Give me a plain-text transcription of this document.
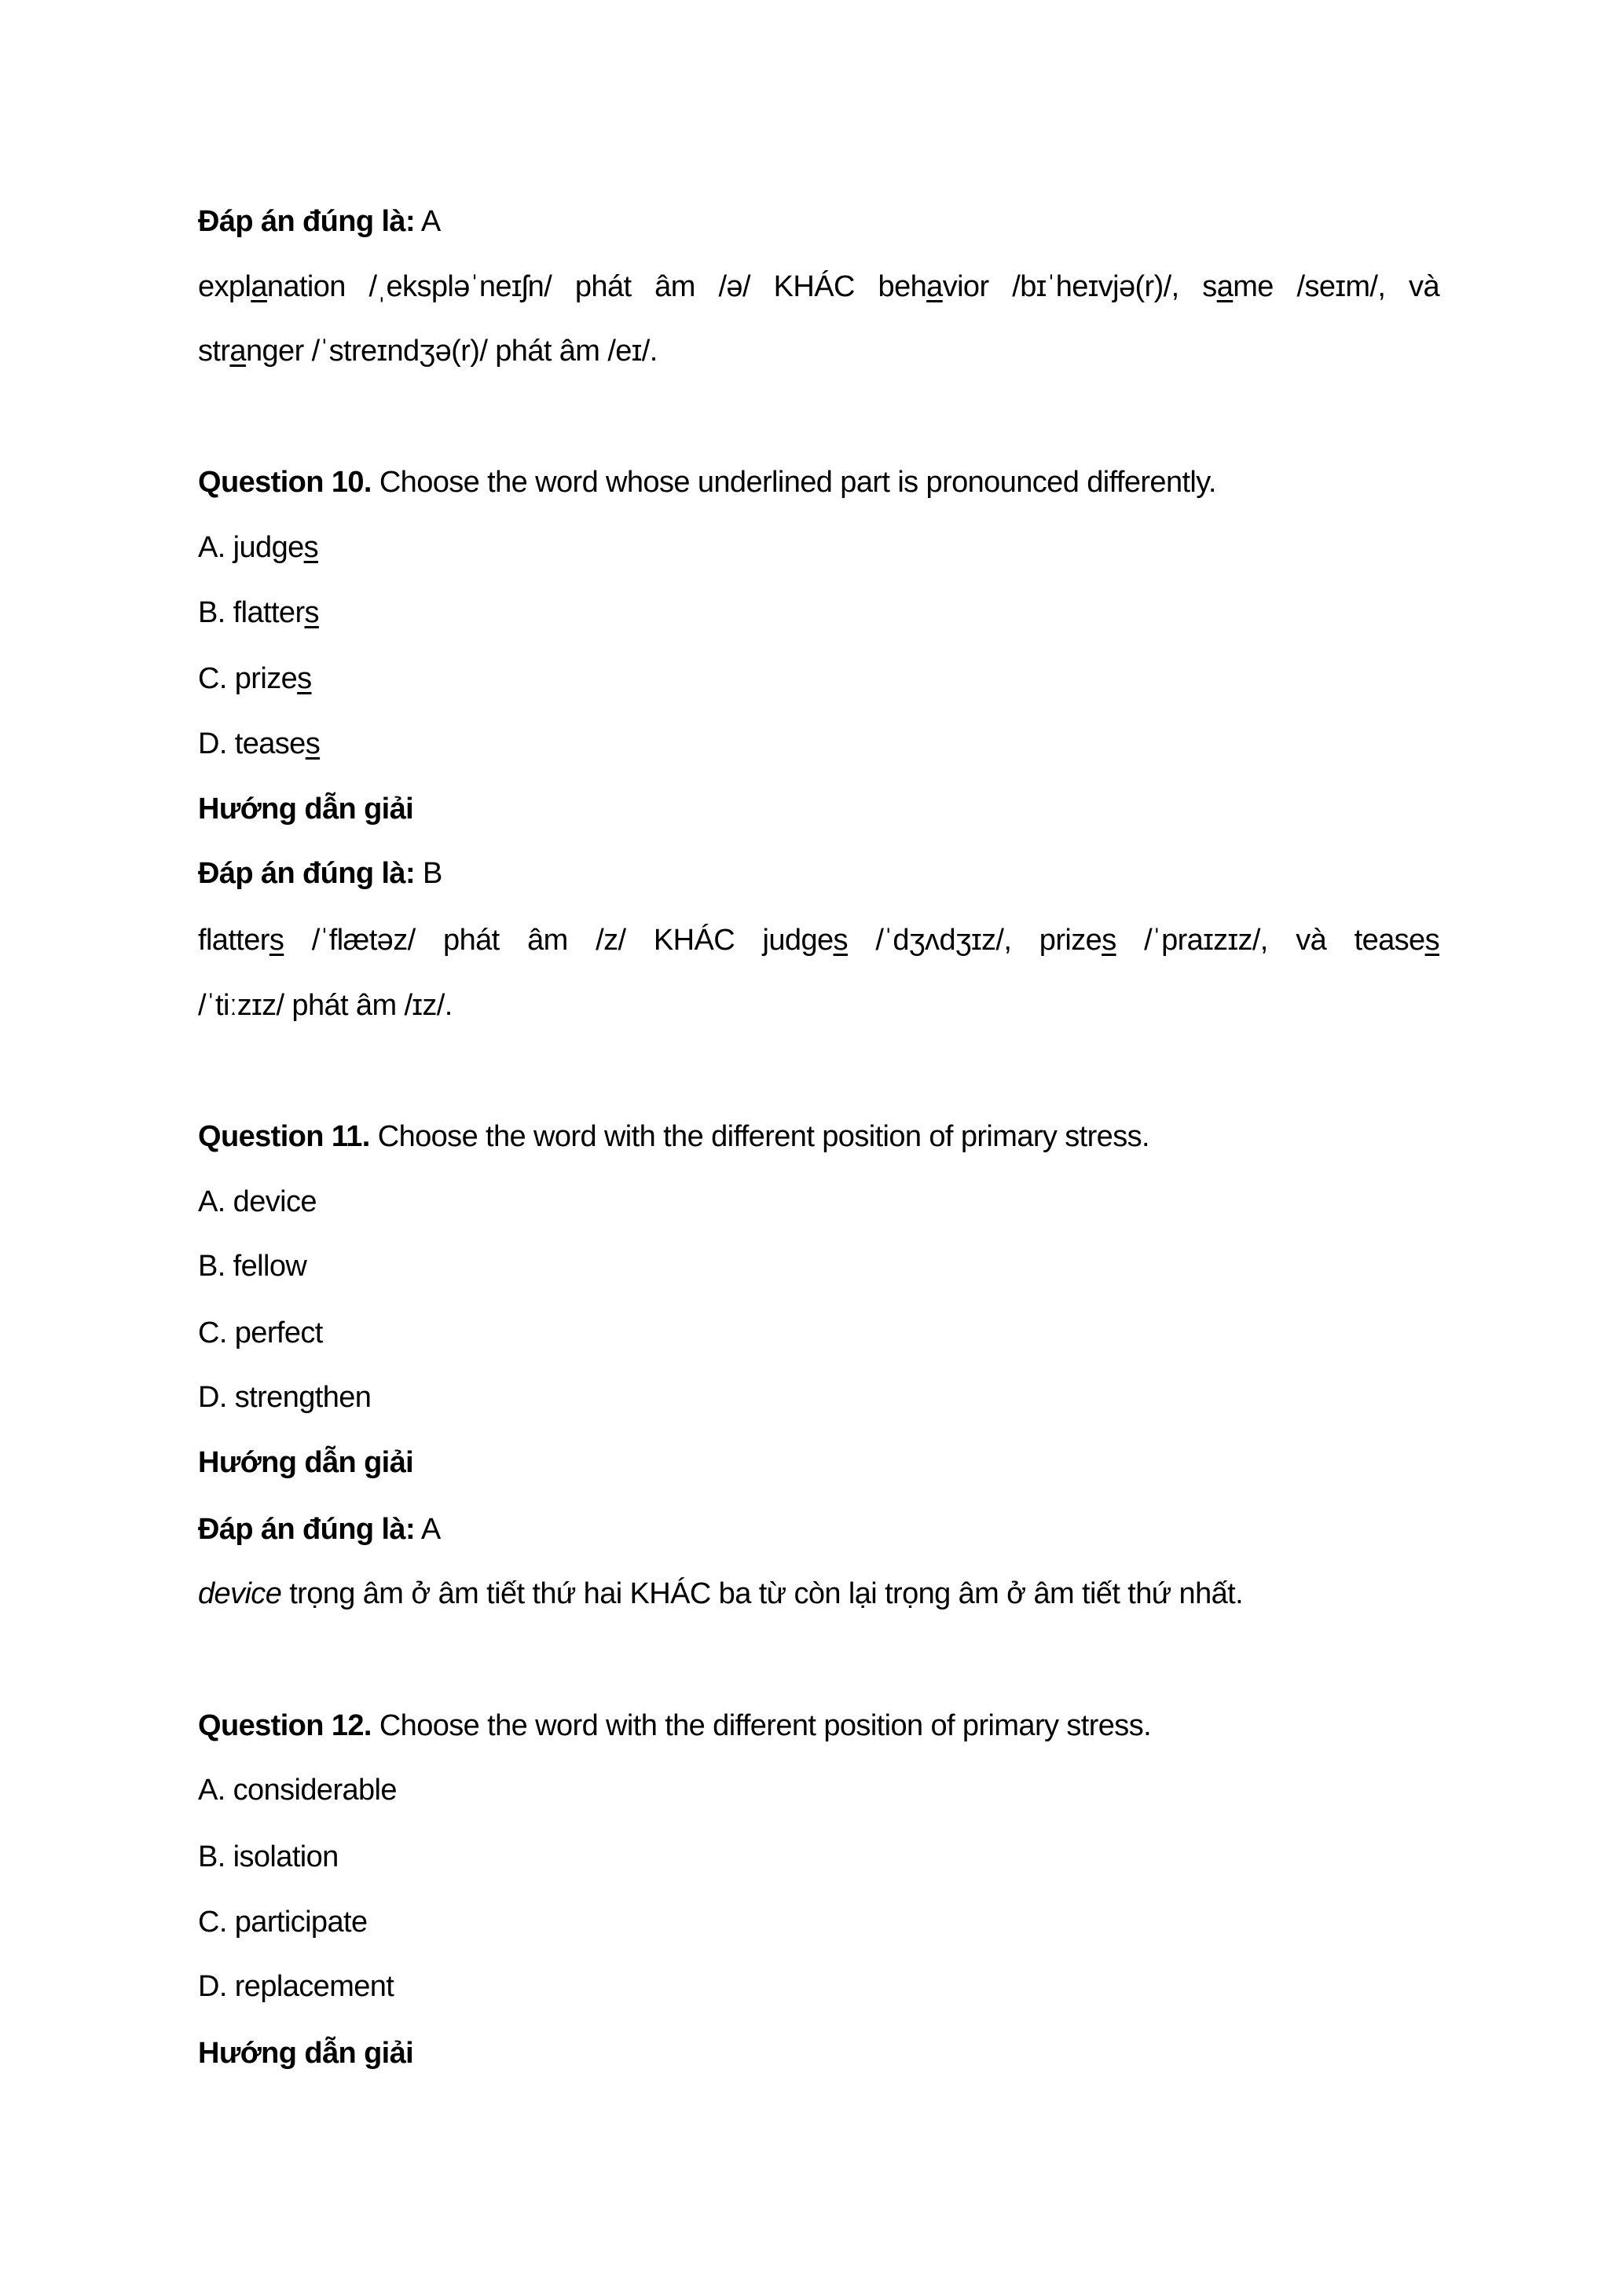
Đáp án đúng là: A
explanation /ˌekspləˈneɪʃn/ phát âm /ə/ KHÁC behavior /bɪˈheɪvjə(r)/, same /seɪm/, và
stranger /ˈstreɪndʒə(r)/ phát âm /eɪ/.
Question 10. Choose the word whose underlined part is pronounced differently.
A. judges
B. flatters
C. prizes
D. teases
Hướng dẫn giải
Đáp án đúng là: B
flatters /ˈflætəz/ phát âm /z/ KHÁC judges /ˈdʒʌdʒɪz/, prizes /ˈpraɪzɪz/, và teases
/ˈtiːzɪz/ phát âm /ɪz/.
Question 11. Choose the word with the different position of primary stress.
A. device
B. fellow
C. perfect
D. strengthen
Hướng dẫn giải
Đáp án đúng là: A
device trọng âm ở âm tiết thứ hai KHÁC ba từ còn lại trọng âm ở âm tiết thứ nhất.
Question 12. Choose the word with the different position of primary stress.
A. considerable
B. isolation
C. participate
D. replacement
Hướng dẫn giải
